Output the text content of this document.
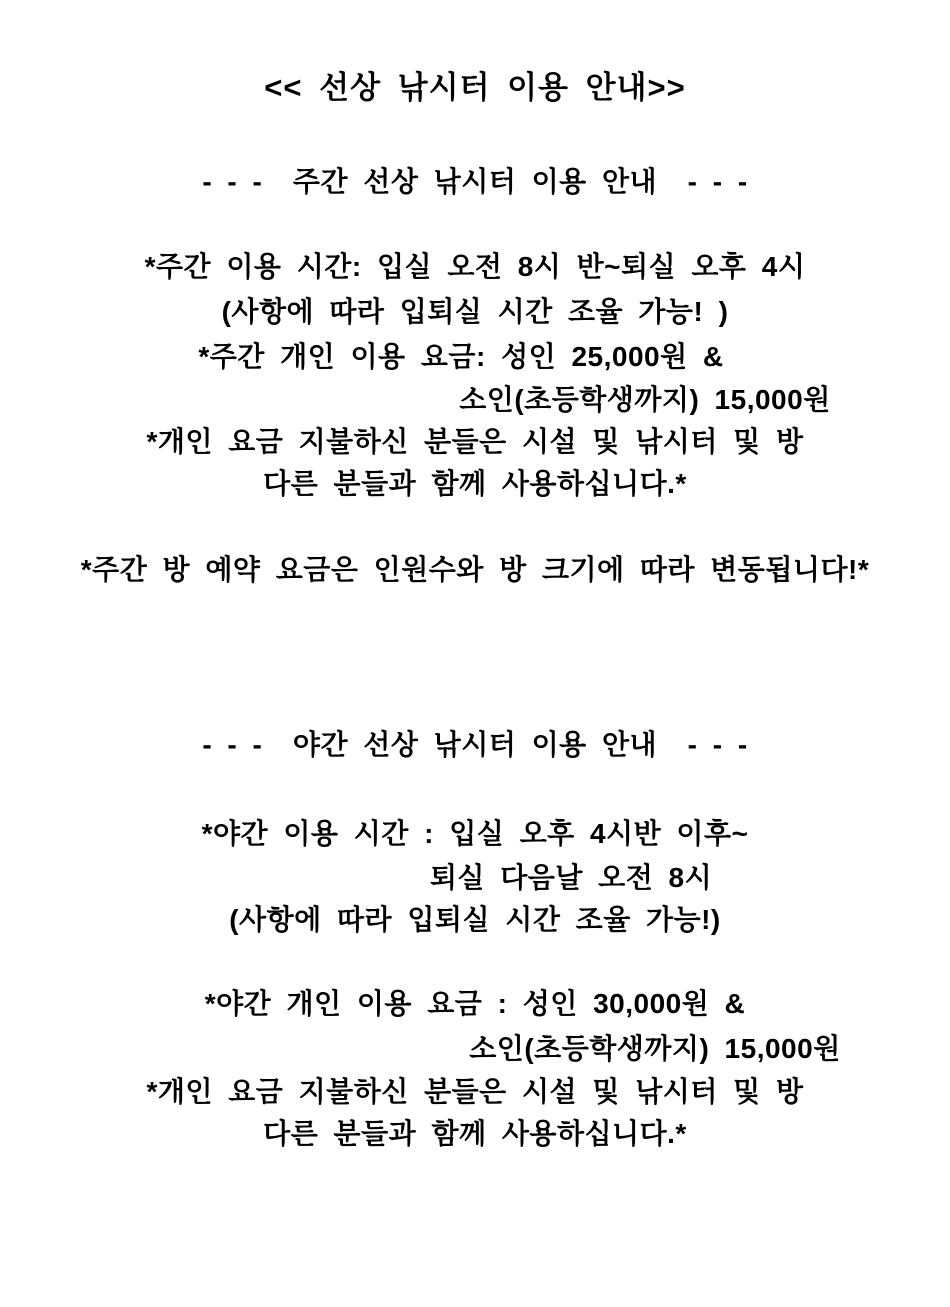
<< 선상 낚시터 이용 안내>>
- - -  주간 선상 낚시터 이용 안내  - - -
*주간 이용 시간: 입실 오전 8시 반~퇴실 오후 4시
(사항에 따라 입퇴실 시간 조율 가능! )
*주간 개인 이용 요금: 성인 25,000원 &
소인(초등학생까지) 15,000원
*개인 요금 지불하신 분들은 시설 및 낚시터 및 방
다른 분들과 함께 사용하십니다.*
*주간 방 예약 요금은 인원수와 방 크기에 따라 변동됩니다!*
- - -  야간 선상 낚시터 이용 안내  - - -
*야간 이용 시간 : 입실 오후 4시반 이후~
퇴실 다음날 오전 8시
(사항에 따라 입퇴실 시간 조율 가능!)
*야간 개인 이용 요금 : 성인 30,000원 &
소인(초등학생까지) 15,000원
*개인 요금 지불하신 분들은 시설 및 낚시터 및 방
다른 분들과 함께 사용하십니다.*
